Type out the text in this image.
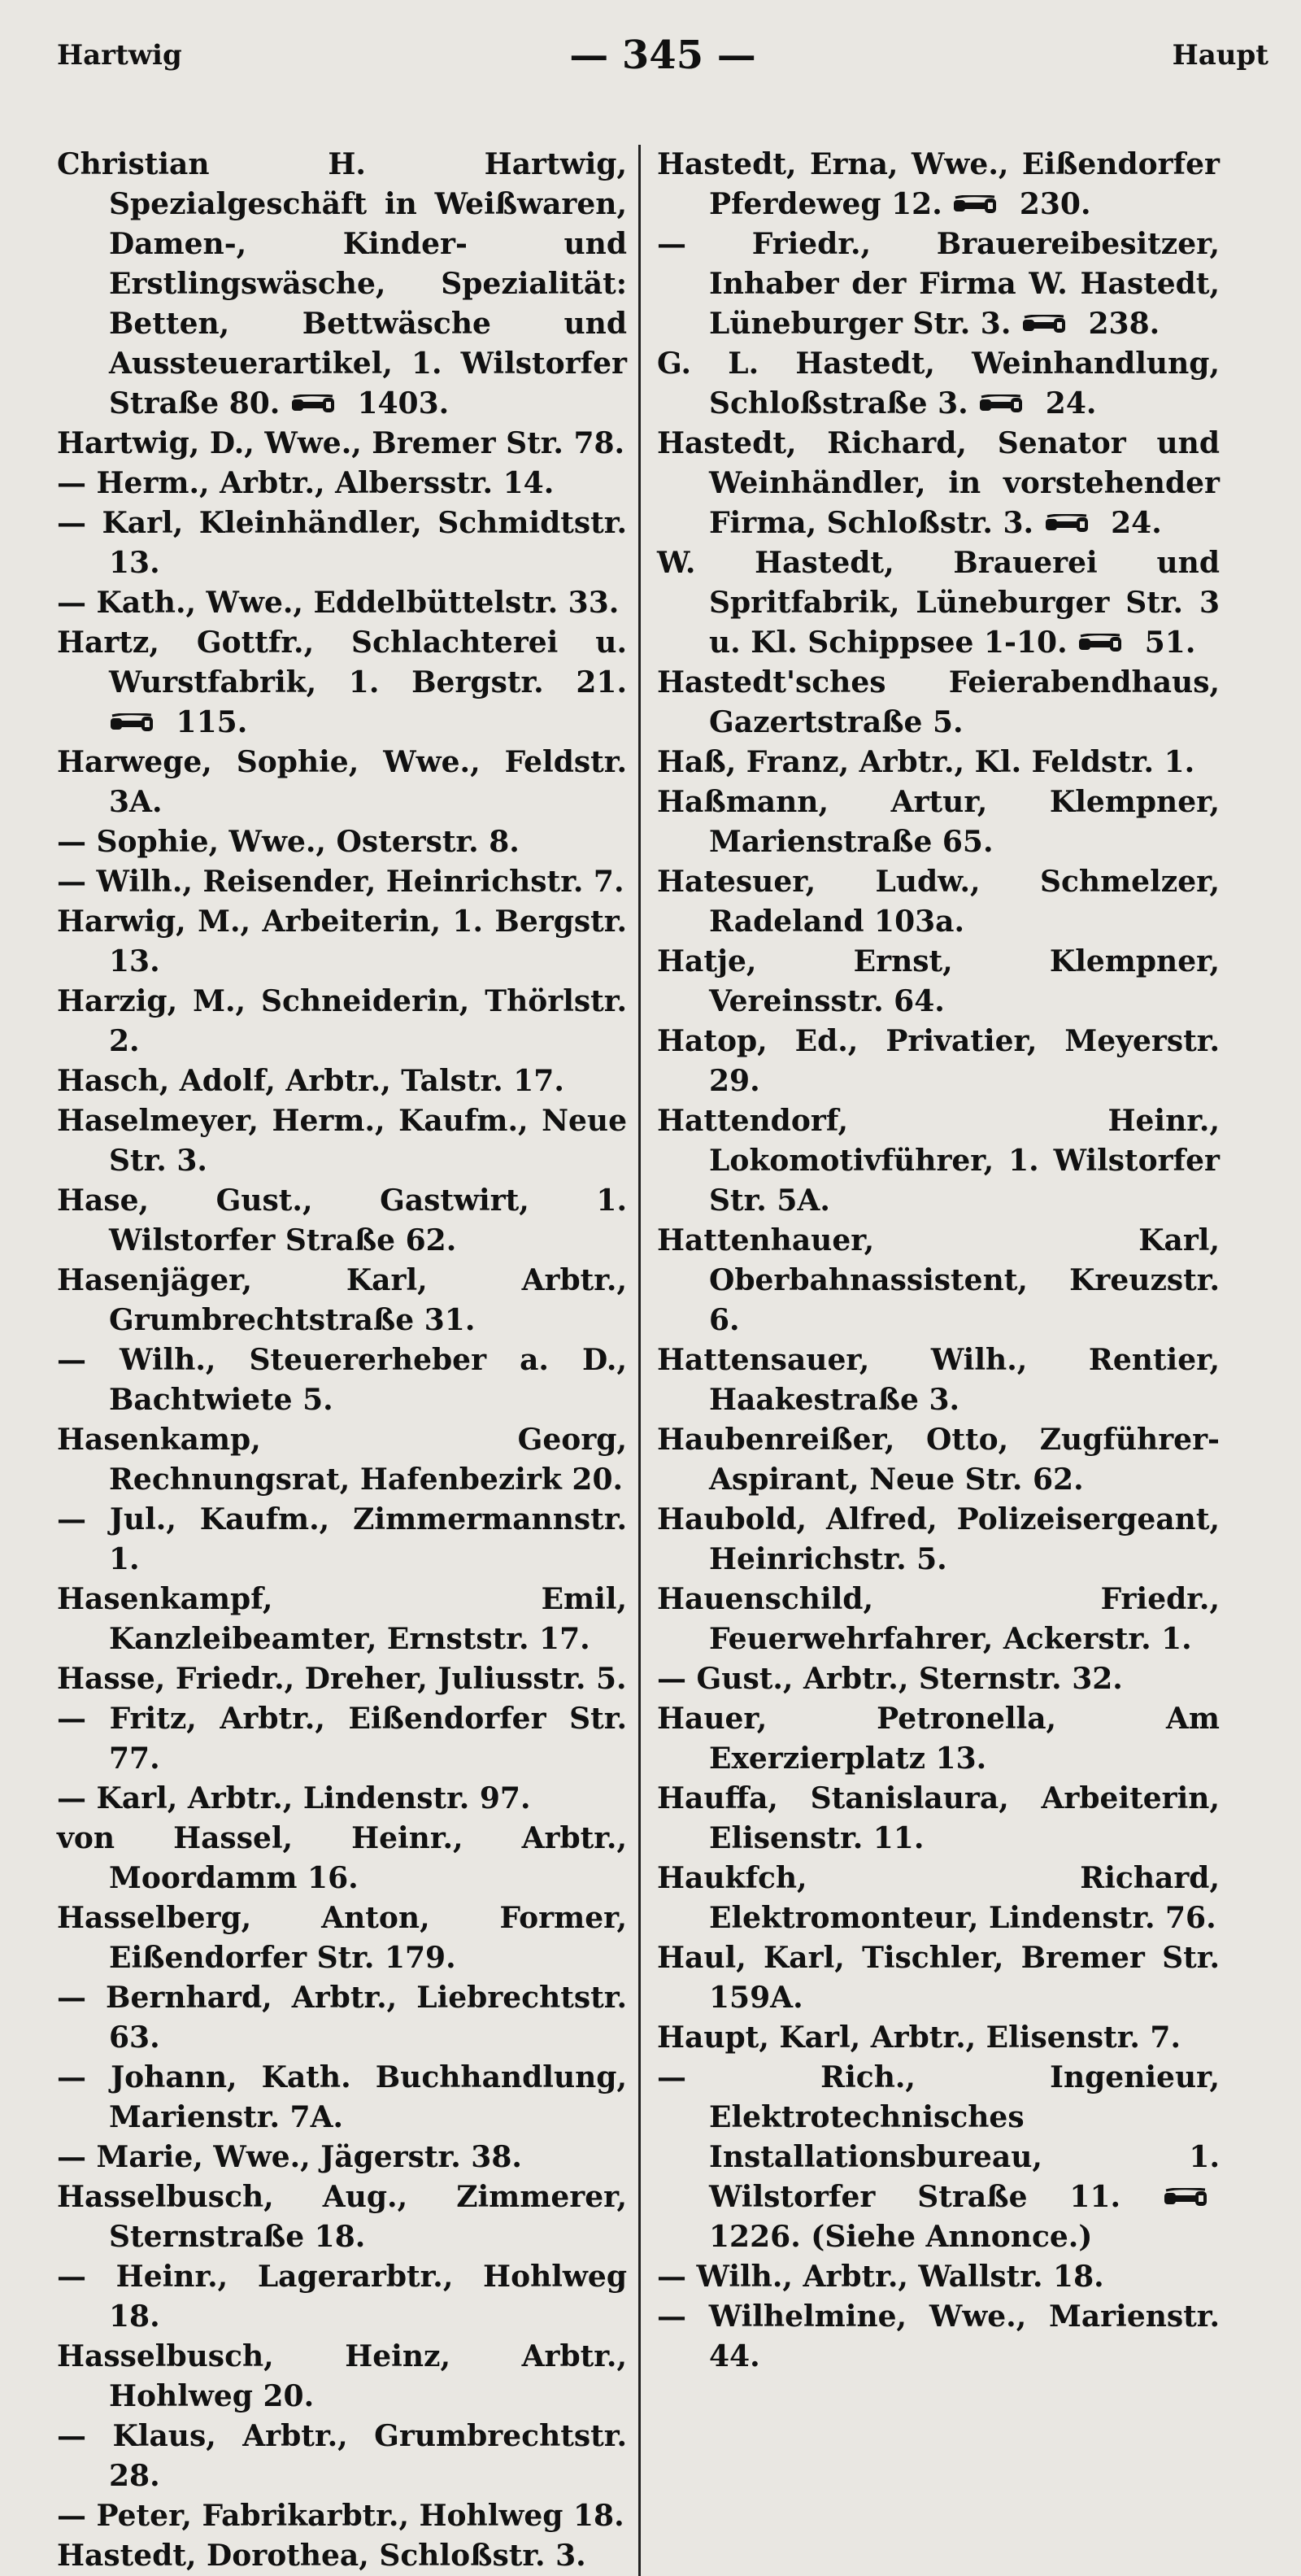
Hartwig	— 345 —	Haupt

Christian H. Hartwig, Spezialgeschäft in Weißwaren, Damen-, Kinder- und Erstlingswäsche, Spezialität: Betten, Bettwäsche und Aussteuerartikel, 1. Wilstorfer Straße 80.	1403.

Hartwig, D., Wwe., Bremer Str. 78.

— Herm., Arbtr., Albersstr. 14.

— Karl, Kleinhändler, Schmidtstr. 13.

— Kath., Wwe., Eddelbüttelstr. 33.

Hartz, Gottfr., Schlachterei u. Wurstfabrik, 1. Bergstr. 21.
115.

Harwege, Sophie, Wwe., Feldstr. 3A.

— Sophie, Wwe., Osterstr. 8.

— Wilh., Reisender, Heinrichstr. 7.

Harwig, M., Arbeiterin, 1. Bergstr. 13.

Harzig, M., Schneiderin, Thörlstr. 2.

Hasch, Adolf, Arbtr., Talstr. 17.

Haselmeyer, Herm., Kaufm., Neue Str. 3.

Hase, Gust., Gastwirt, 1. Wilstorfer Straße 62.

Hasenjäger, Karl, Arbtr., Grumbrechtstraße 31.

— Wilh., Steuererheber a. D., Bachtwiete 5.

Hasenkamp, Georg, Rechnungsrat, Hafenbezirk 20.

— Jul., Kaufm., Zimmermannstr. 1.

Hasenkampf, Emil, Kanzleibeamter, Ernststr. 17.

Hasse, Friedr., Dreher, Juliusstr. 5.

— Fritz, Arbtr., Eißendorfer Str. 77.

— Karl, Arbtr., Lindenstr. 97.

von Hassel, Heinr., Arbtr., Moordamm 16.

Hasselberg, Anton, Former, Eißendorfer Str. 179.

— Bernhard, Arbtr., Liebrechtstr. 63.

— Johann, Kath. Buchhandlung, Marienstr. 7A.

— Marie, Wwe., Jägerstr. 38.

Hasselbusch, Aug., Zimmerer, Sternstraße 18.

— Heinr., Lagerarbtr., Hohlweg 18.

Hasselbusch, Heinz, Arbtr., Hohlweg 20.

— Klaus, Arbtr., Grumbrechtstr. 28.

— Peter, Fabrikarbtr., Hohlweg 18.

Hastedt, Dorothea, Schloßstr. 3.

Hastedt, Erna, Wwe., Eißendorfer Pferdeweg 12.	230.

— Friedr., Brauereibesitzer, Inhaber der Firma W. Hastedt, Lüneburger Str. 3.	238.

G. L. Hastedt, Weinhandlung, Schloßstraße 3.	24.

Hastedt, Richard, Senator und Weinhändler, in vorstehender Firma, Schloßstr. 3.	24.

W. Hastedt, Brauerei und Spritfabrik, Lüneburger Str. 3 u. Kl. Schippsee 1-10.	51.

Hastedt'sches Feierabendhaus, Gazertstraße 5.

Haß, Franz, Arbtr., Kl. Feldstr. 1.

Haßmann, Artur, Klempner, Marienstraße 65.

Hatesuer, Ludw., Schmelzer, Radeland 103a.

Hatje, Ernst, Klempner, Vereinsstr. 64.

Hatop, Ed., Privatier, Meyerstr. 29.

Hattendorf, Heinr., Lokomotivführer, 1. Wilstorfer Str. 5A.

Hattenhauer, Karl, Oberbahnassistent, Kreuzstr. 6.

Hattensauer, Wilh., Rentier, Haakestraße 3.

Haubenreißer, Otto, Zugführer-Aspirant, Neue Str. 62.

Haubold, Alfred, Polizeisergeant, Heinrichstr. 5.

Hauenschild, Friedr., Feuerwehrfahrer, Ackerstr. 1.

— Gust., Arbtr., Sternstr. 32.

Hauer, Petronella, Am Exerzierplatz 13.

Hauffa, Stanislaura, Arbeiterin, Elisenstr. 11.

Haukfch, Richard, Elektromonteur, Lindenstr. 76.

Haul, Karl, Tischler, Bremer Str. 159A.

Haupt, Karl, Arbtr., Elisenstr. 7.

— Rich., Ingenieur, Elektrotechnisches Installationsbureau, 1. Wilstorfer Straße 11.
1226. (Siehe Annonce.)

— Wilh., Arbtr., Wallstr. 18.

— Wilhelmine, Wwe., Marienstr. 44.
